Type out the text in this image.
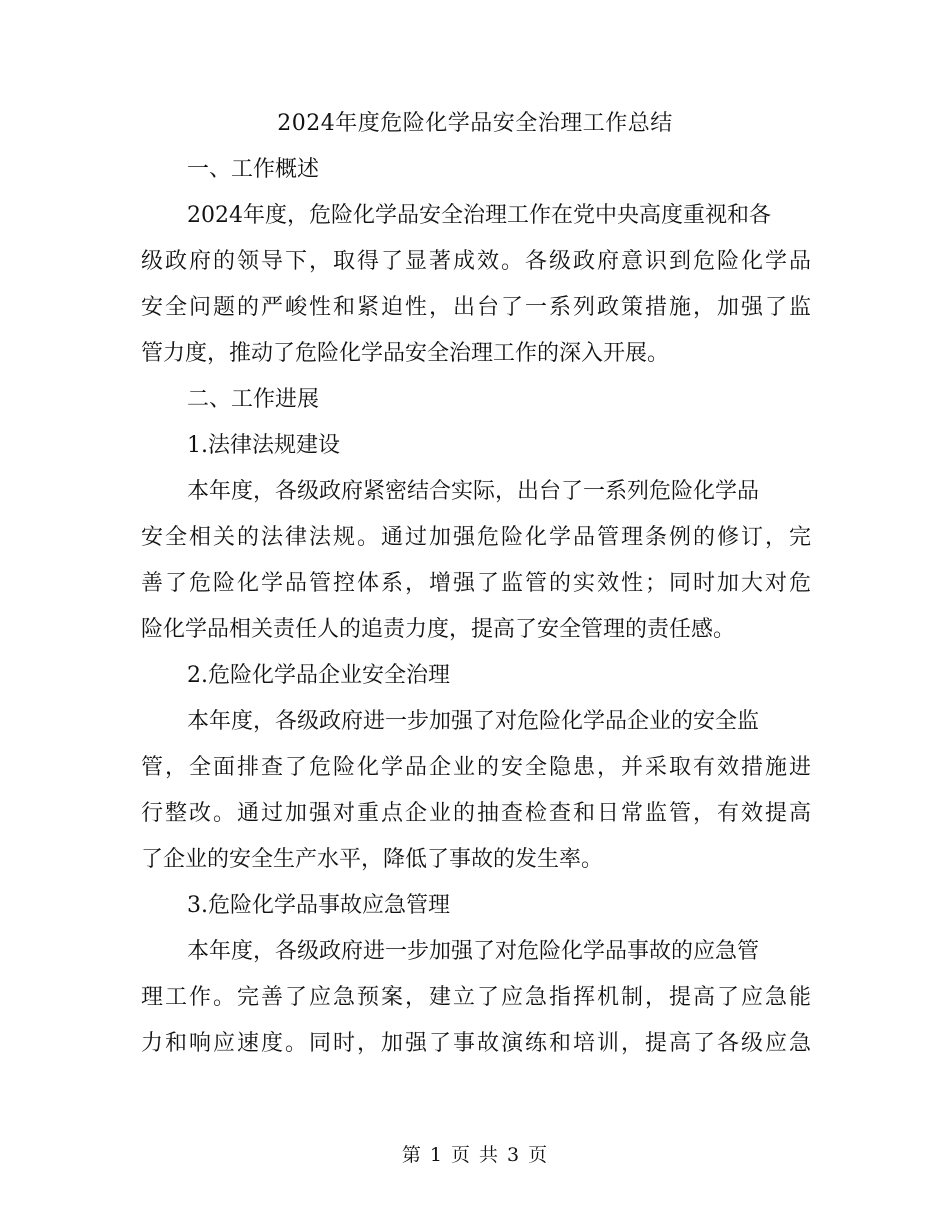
2024年度危险化学品安全治理工作总结
一、工作概述
2024年度，危险化学品安全治理工作在党中央高度重视和各
级政府的领导下，取得了显著成效。各级政府意识到危险化学品
安全问题的严峻性和紧迫性，出台了一系列政策措施，加强了监
管力度，推动了危险化学品安全治理工作的深入开展。
二、工作进展
1.法律法规建设
本年度，各级政府紧密结合实际，出台了一系列危险化学品
安全相关的法律法规。通过加强危险化学品管理条例的修订，完
善了危险化学品管控体系，增强了监管的实效性；同时加大对危
险化学品相关责任人的追责力度，提高了安全管理的责任感。
2.危险化学品企业安全治理
本年度，各级政府进一步加强了对危险化学品企业的安全监
管，全面排查了危险化学品企业的安全隐患，并采取有效措施进
行整改。通过加强对重点企业的抽查检查和日常监管，有效提高
了企业的安全生产水平，降低了事故的发生率。
3.危险化学品事故应急管理
本年度，各级政府进一步加强了对危险化学品事故的应急管
理工作。完善了应急预案，建立了应急指挥机制，提高了应急能
力和响应速度。同时，加强了事故演练和培训，提高了各级应急
第 1 页 共 3 页
